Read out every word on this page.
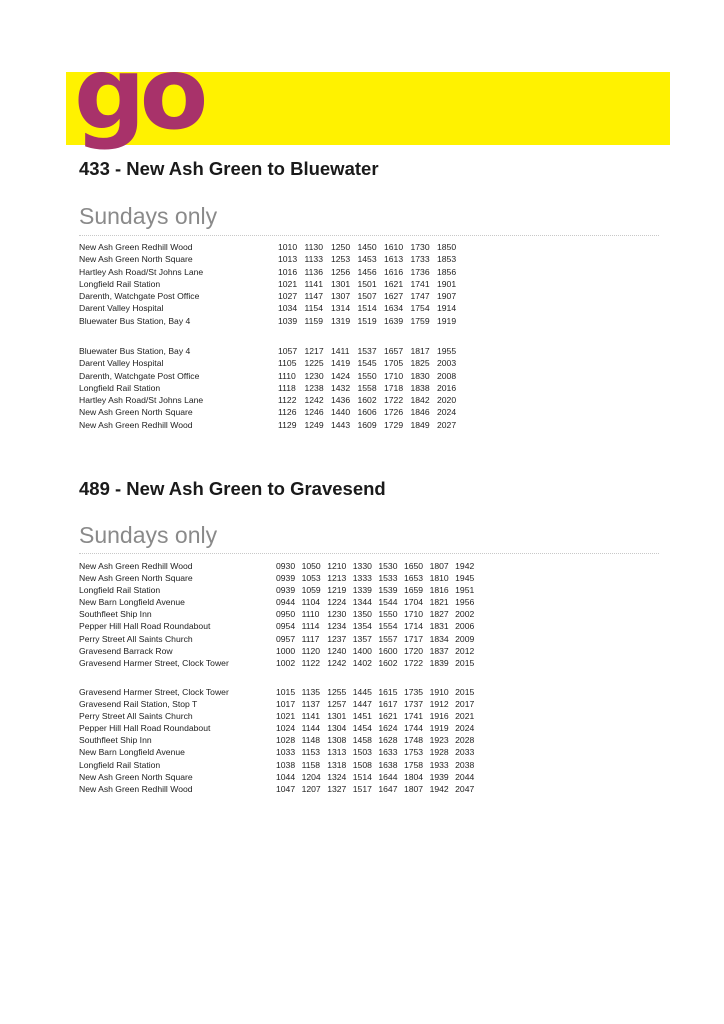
go
433 - New Ash Green to Bluewater
Sundays only
New Ash Green Redhill Wood	1010	1130	1250	1450	1610	1730	1850
New Ash Green North Square	1013	1133	1253	1453	1613	1733	1853
Hartley Ash Road/St Johns Lane	1016	1136	1256	1456	1616	1736	1856
Longfield Rail Station	1021	1141	1301	1501	1621	1741	1901
Darenth, Watchgate Post Office	1027	1147	1307	1507	1627	1747	1907
Darent Valley Hospital	1034	1154	1314	1514	1634	1754	1914
Bluewater Bus Station, Bay 4	1039	1159	1319	1519	1639	1759	1919
Bluewater Bus Station, Bay 4	1057	1217	1411	1537	1657	1817	1955
Darent Valley Hospital	1105	1225	1419	1545	1705	1825	2003
Darenth, Watchgate Post Office	1110	1230	1424	1550	1710	1830	2008
Longfield Rail Station	1118	1238	1432	1558	1718	1838	2016
Hartley Ash Road/St Johns Lane	1122	1242	1436	1602	1722	1842	2020
New Ash Green North Square	1126	1246	1440	1606	1726	1846	2024
New Ash Green Redhill Wood	1129	1249	1443	1609	1729	1849	2027
489 - New Ash Green to Gravesend
Sundays only
New Ash Green Redhill Wood	0930	1050	1210	1330	1530	1650	1807	1942
New Ash Green North Square	0939	1053	1213	1333	1533	1653	1810	1945
Longfield Rail Station	0939	1059	1219	1339	1539	1659	1816	1951
New Barn Longfield Avenue	0944	1104	1224	1344	1544	1704	1821	1956
Southfleet Ship Inn	0950	1110	1230	1350	1550	1710	1827	2002
Pepper Hill Hall Road Roundabout	0954	1114	1234	1354	1554	1714	1831	2006
Perry Street All Saints Church	0957	1117	1237	1357	1557	1717	1834	2009
Gravesend Barrack Row	1000	1120	1240	1400	1600	1720	1837	2012
Gravesend Harmer Street, Clock Tower	1002	1122	1242	1402	1602	1722	1839	2015
Gravesend Harmer Street, Clock Tower	1015	1135	1255	1445	1615	1735	1910	2015
Gravesend Rail Station, Stop T	1017	1137	1257	1447	1617	1737	1912	2017
Perry Street All Saints Church	1021	1141	1301	1451	1621	1741	1916	2021
Pepper Hill Hall Road Roundabout	1024	1144	1304	1454	1624	1744	1919	2024
Southfleet Ship Inn	1028	1148	1308	1458	1628	1748	1923	2028
New Barn Longfield Avenue	1033	1153	1313	1503	1633	1753	1928	2033
Longfield Rail Station	1038	1158	1318	1508	1638	1758	1933	2038
New Ash Green North Square	1044	1204	1324	1514	1644	1804	1939	2044
New Ash Green Redhill Wood	1047	1207	1327	1517	1647	1807	1942	2047
